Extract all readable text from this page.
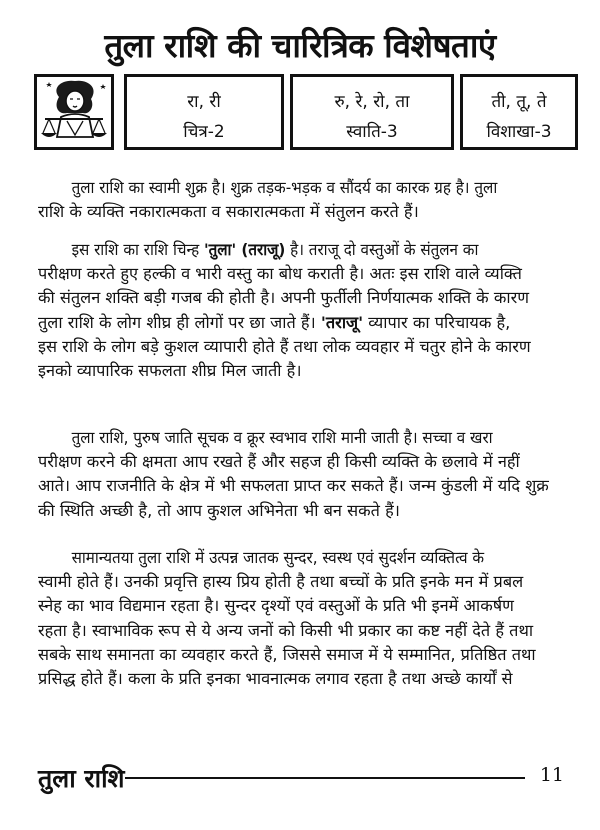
तुला राशि की चारित्रिक विशेषताएं
रा, री
चित्र-2
रु, रे, रो, ता
स्वाति-3
ती, तू, ते
विशाखा-3
तुला राशि का स्वामी शुक्र है। शुक्र तड़क-भड़क व सौंदर्य का कारक ग्रह है। तुला
राशि के व्यक्ति नकारात्मकता व सकारात्मकता में संतुलन करते हैं।
इस राशि का राशि चिन्ह 'तुला' (तराजू) है। तराजू दो वस्तुओं के संतुलन का
परीक्षण करते हुए हल्की व भारी वस्तु का बोध कराती है। अतः इस राशि वाले व्यक्ति
की संतुलन शक्ति बड़ी गजब की होती है। अपनी फुर्तीली निर्णयात्मक शक्ति के कारण
तुला राशि के लोग शीघ्र ही लोगों पर छा जाते हैं। 'तराजू' व्यापार का परिचायक है,
इस राशि के लोग बड़े कुशल व्यापारी होते हैं तथा लोक व्यवहार में चतुर होने के कारण
इनको व्यापारिक सफलता शीघ्र मिल जाती है।
तुला राशि, पुरुष जाति सूचक व क्रूर स्वभाव राशि मानी जाती है। सच्चा व खरा
परीक्षण करने की क्षमता आप रखते हैं और सहज ही किसी व्यक्ति के छलावे में नहीं
आते। आप राजनीति के क्षेत्र में भी सफलता प्राप्त कर सकते हैं। जन्म कुंडली में यदि शुक्र
की स्थिति अच्छी है, तो आप कुशल अभिनेता भी बन सकते हैं।
सामान्यतया तुला राशि में उत्पन्न जातक सुन्दर, स्वस्थ एवं सुदर्शन व्यक्तित्व के
स्वामी होते हैं। उनकी प्रवृत्ति हास्य प्रिय होती है तथा बच्चों के प्रति इनके मन में प्रबल
स्नेह का भाव विद्यमान रहता है। सुन्दर दृश्यों एवं वस्तुओं के प्रति भी इनमें आकर्षण
रहता है। स्वाभाविक रूप से ये अन्य जनों को किसी भी प्रकार का कष्ट नहीं देते हैं तथा
सबके साथ समानता का व्यवहार करते हैं, जिससे समाज में ये सम्मानित, प्रतिष्ठित तथा
प्रसिद्ध होते हैं। कला के प्रति इनका भावनात्मक लगाव रहता है तथा अच्छे कार्यों से
तुला राशि	11
